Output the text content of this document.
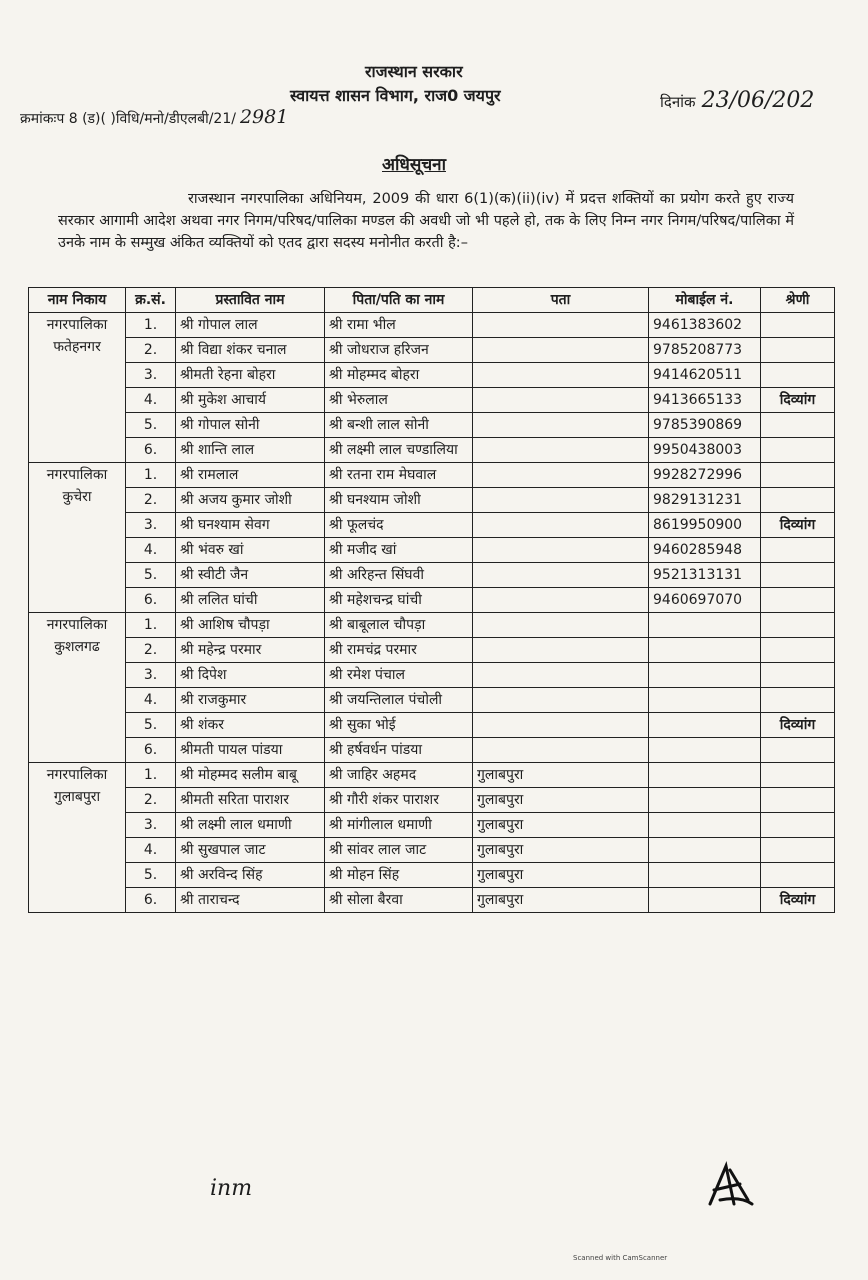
राजस्थान सरकार
स्वायत्त शासन विभाग, राज0 जयपुर
क्रमांकःप 8 (ड)( )विधि/मनो/डीएलबी/21/ 2981
दिनांक 23/06/202
अधिसूचना
राजस्थान नगरपालिका अधिनियम, 2009 की धारा 6(1)(क)(ii)(iv) में प्रदत्त शक्तियों का प्रयोग करते हुए राज्य सरकार आगामी आदेश अथवा नगर निगम/परिषद/पालिका मण्डल की अवधी जो भी पहले हो, तक के लिए निम्न नगर निगम/परिषद/पालिका में उनके नाम के सम्मुख अंकित व्यक्तियों को एतद द्वारा सदस्य मनोनीत करती है:–
नाम निकाय	क्र.सं.	प्रस्तावित नाम	पिता/पति का नाम	पता	मोबाईल नं.	श्रेणी
नगरपालिका फतेहनगर	1.	श्री गोपाल लाल	श्री रामा भील		9461383602	
	2.	श्री विद्या शंकर चनाल	श्री जोधराज हरिजन		9785208773	
	3.	श्रीमती रेहना बोहरा	श्री मोहम्मद बोहरा		9414620511	
	4.	श्री मुकेश आचार्य	श्री भेरुलाल		9413665133	दिव्यांग
	5.	श्री गोपाल सोनी	श्री बन्शी लाल सोनी		9785390869	
	6.	श्री शान्ति लाल	श्री लक्ष्मी लाल चण्डालिया		9950438003	
नगरपालिका कुचेरा	1.	श्री रामलाल	श्री रतना राम मेघवाल		9928272996	
	2.	श्री अजय कुमार जोशी	श्री घनश्याम जोशी		9829131231	
	3.	श्री घनश्याम सेवग	श्री फूलचंद		8619950900	दिव्यांग
	4.	श्री भंवरु खां	श्री मजीद खां		9460285948	
	5.	श्री स्वीटी जैन	श्री अरिहन्त सिंघवी		9521313131	
	6.	श्री ललित घांची	श्री महेशचन्द्र घांची		9460697070	
नगरपालिका कुशलगढ	1.	श्री आशिष चौपड़ा	श्री बाबूलाल चौपड़ा			
	2.	श्री महेन्द्र परमार	श्री रामचंद्र परमार			
	3.	श्री दिपेश	श्री रमेश पंचाल			
	4.	श्री राजकुमार	श्री जयन्तिलाल पंचोली			
	5.	श्री शंकर	श्री सुका भोई			दिव्यांग
	6.	श्रीमती पायल पांडया	श्री हर्षवर्धन पांडया			
नगरपालिका गुलाबपुरा	1.	श्री मोहम्मद सलीम बाबू	श्री जाहिर अहमद	गुलाबपुरा		
	2.	श्रीमती सरिता पाराशर	श्री गौरी शंकर पाराशर	गुलाबपुरा		
	3.	श्री लक्ष्मी लाल धमाणी	श्री मांगीलाल धमाणी	गुलाबपुरा		
	4.	श्री सुखपाल जाट	श्री सांवर लाल जाट	गुलाबपुरा		
	5.	श्री अरविन्द सिंह	श्री मोहन सिंह	गुलाबपुरा		
	6.	श्री ताराचन्द	श्री सोला बैरवा	गुलाबपुरा		दिव्यांग
inm
Scanned with CamScanner
